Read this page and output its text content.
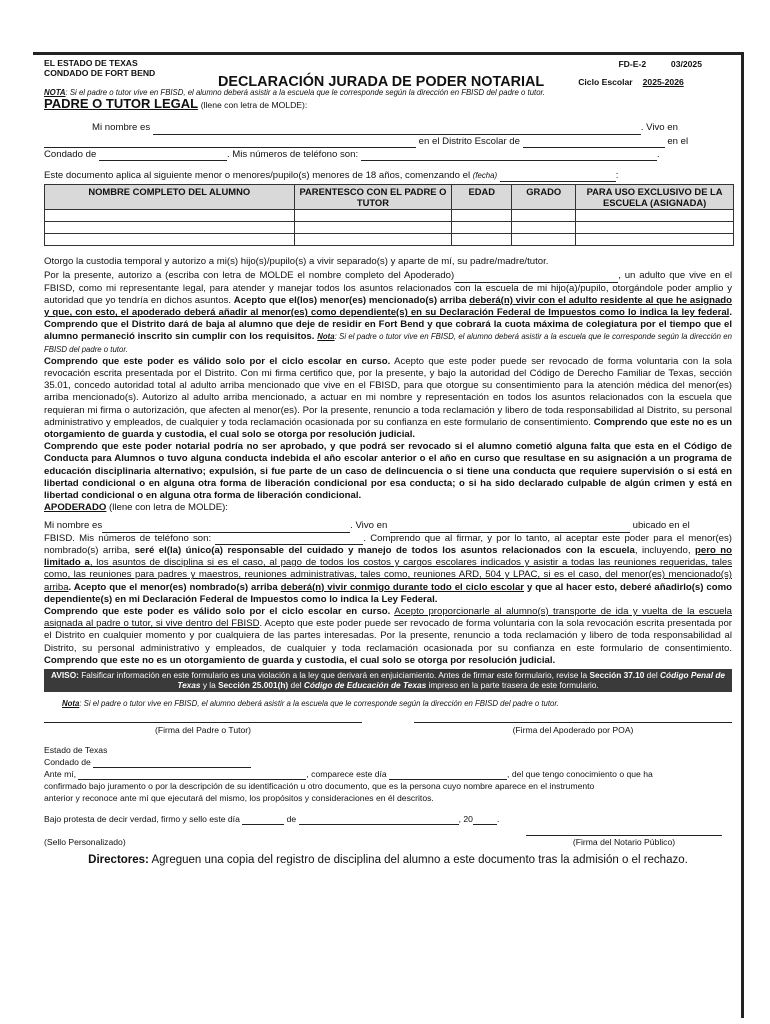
EL ESTADO DE TEXAS
CONDADO DE FORT BEND
FD-E-2	03/2025
DECLARACIÓN JURADA DE PODER NOTARIAL	Ciclo Escolar 2025-2026
NOTA: Si el padre o tutor vive en FBISD, el alumno deberá asistir a la escuela que le corresponde según la dirección en FBISD del padre o tutor.
PADRE O TUTOR LEGAL (llene con letra de MOLDE):
Mi nombre es	. Vivo en
en el Distrito Escolar de	en el
Condado de	. Mis números de teléfono son:	.
Este documento aplica al siguiente menor o menores/pupilo(s) menores de 18 años, comenzando el (fecha)	:
NOMBRE COMPLETO DEL ALUMNO	PARENTESCO CON EL PADRE O TUTOR	EDAD	GRADO	PARA USO EXCLUSIVO DE LA ESCUELA (ASIGNADA)

Otorgo la custodia temporal y autorizo a mi(s) hijo(s)/pupilo(s) a vivir separado(s) y aparte de mí, su padre/madre/tutor.

Por la presente, autorizo a (escriba con letra de MOLDE el nombre completo del Apoderado)	, un adulto que vive en el FBISD, como mi representante legal, para atender y manejar todos los asuntos relacionados con la escuela de mi hijo(a)/pupilo, otorgándole poder amplio y autoridad que yo tendría en dichos asuntos. Acepto que el(los) menor(es) mencionado(s) arriba deberá(n) vivir con el adulto residente al que he asignado y que, con esto, el apoderado deberá añadir al menor(es) como dependiente(s) en su Declaración Federal de Impuestos como lo indica la ley federal. Comprendo que el Distrito dará de baja al alumno que deje de residir en Fort Bend y que cobrará la cuota máxima de colegiatura por el tiempo que el alumno permaneció inscrito sin cumplir con los requisitos. Nota: Si el padre o tutor vive en FBISD, el alumno deberá asistir a la escuela que le corresponde según la dirección en FBISD del padre o tutor.

Comprendo que este poder es válido solo por el ciclo escolar en curso. Acepto que este poder puede ser revocado de forma voluntaria con la sola revocación escrita presentada por el Distrito. Con mi firma certifico que, por la presente, y bajo la autoridad del Código de Derecho Familiar de Texas, sección 35.01, concedo autoridad total al adulto arriba mencionado que vive en el FBISD, para que otorgue su consentimiento para la atención médica del menor(es) arriba mencionado(s). Autorizo al adulto arriba mencionado, a actuar en mi nombre y representación en todos los asuntos relacionados con la escuela que requieran mi firma o autorización, que afecten al menor(es). Por la presente, renuncio a toda reclamación y libero de toda responsabilidad al Distrito, su personal administrativo y empleados, de cualquier y toda reclamación ocasionada por su confianza en este formulario de consentimiento. Comprendo que este no es un otorgamiento de guarda y custodia, el cual solo se otorga por resolución judicial.

Comprendo que este poder notarial podría no ser aprobado, y que podrá ser revocado si el alumno cometió alguna falta que esta en el Código de Conducta para Alumnos o tuvo alguna conducta indebida el año escolar anterior o el año en curso que resultase en su asignación a un programa de educación disciplinaria alternativo; expulsión, si fue parte de un caso de delincuencia o si tiene una conducta que requiere supervisión o si está en libertad condicional o en alguna otra forma de liberación condicional por esa conducta; o si ha sido declarado culpable de algún crimen y está en libertad condicional o en alguna otra forma de liberación condicional.

APODERADO (llene con letra de MOLDE):
Mi nombre es	. Vivo en	ubicado en el

FBISD. Mis números de teléfono son:	. Comprendo que al firmar, y por lo tanto, al aceptar este poder para el menor(es) nombrado(s) arriba, seré el(la) único(a) responsable del cuidado y manejo de todos los asuntos relacionados con la escuela, incluyendo, pero no limitado a, los asuntos de disciplina si es el caso, al pago de todos los costos y cargos escolares indicados y asistir a todas las reuniones requeridas, tales como, las reuniones para padres y maestros, reuniones administrativas, tales como, reuniones ARD, 504 y LPAC, si es el caso, del menor(es) mencionado(s) arriba. Acepto que el menor(es) nombrado(s) arriba deberá(n) vivir conmigo durante todo el ciclo escolar y que al hacer esto, deberé añadirlo(s) como dependiente(s) en mi Declaración Federal de Impuestos como lo indica la Ley Federal.

Comprendo que este poder es válido solo por el ciclo escolar en curso. Acepto proporcionarle al alumno(s) transporte de ida y vuelta de la escuela asignada al padre o tutor, si vive dentro del FBISD. Acepto que este poder puede ser revocado de forma voluntaria con la sola revocación escrita presentada por el Distrito en cualquier momento y por cualquiera de las partes interesadas. Por la presente, renuncio a toda reclamación y libero de toda responsabilidad al Distrito, su personal administrativo y empleados, de cualquier y toda reclamación ocasionada por su confianza en este formulario de consentimiento. Comprendo que este no es un otorgamiento de guarda y custodia, el cual solo se otorga por resolución judicial.

AVISO: Falsificar información en este formulario es una violación a la ley que derivará en enjuiciamiento. Antes de firmar este formulario, revise la Sección 37.10 del Código Penal de Texas y la Sección 25.001(h) del Código de Educación de Texas impreso en la parte trasera de este formulario.
Nota: Si el padre o tutor vive en FBISD, el alumno deberá asistir a la escuela que le corresponde según la dirección en FBISD del padre o tutor.
(Firma del Padre o Tutor)	(Firma del Apoderado por POA)
Estado de Texas
Condado de
Ante mí,	, comparece este día	, del que tengo conocimiento o que ha
confirmado bajo juramento o por la descripción de su identificación u otro documento, que es la persona cuyo nombre aparece en el instrumento
anterior y reconoce ante mí que ejecutará del mismo, los propósitos y consideraciones en él descritos.
Bajo protesta de decir verdad, firmo y sello este día	de	, 20	.
(Sello Personalizado)	(Firma del Notario Público)
Directores: Agreguen una copia del registro de disciplina del alumno a este documento tras la admisión o el rechazo.
